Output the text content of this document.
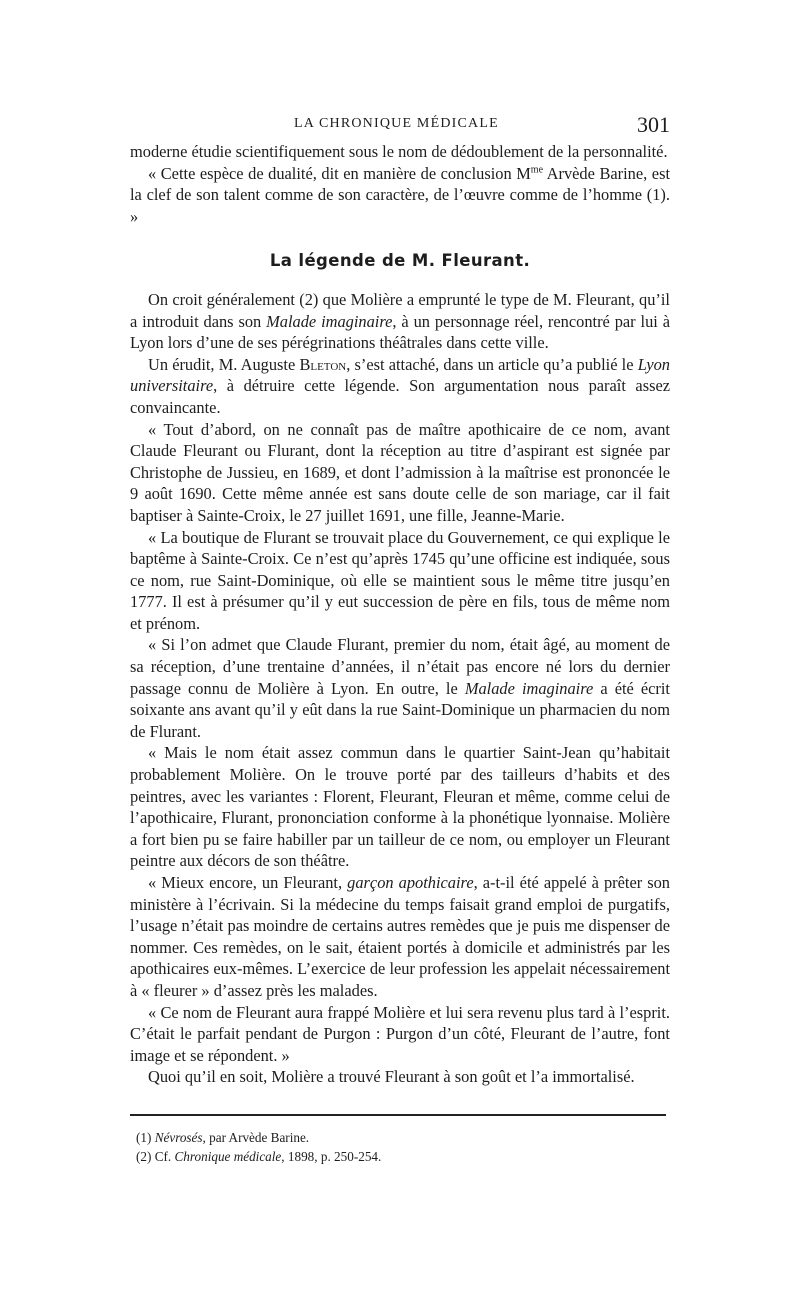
LA CHRONIQUE MÉDICALE	301

moderne étudie scientifiquement sous le nom de dédoublement de la personnalité.

« Cette espèce de dualité, dit en manière de conclusion $M^{me}$ Arvède Barine, est la clef de son talent comme de son caractère, de l’œuvre comme de l’homme (1). »

La légende de M. Fleurant.

On croit généralement (2) que Molière a emprunté le type de M. Fleurant, qu’il a introduit dans son Malade imaginaire, à un personnage réel, rencontré par lui à Lyon lors d’une de ses pérégrinations théâtrales dans cette ville.

Un érudit, M. Auguste Bleton, s’est attaché, dans un article qu’a publié le Lyon universitaire, à détruire cette légende. Son argumentation nous paraît assez convaincante.

« Tout d’abord, on ne connaît pas de maître apothicaire de ce nom, avant Claude Fleurant ou Flurant, dont la réception au titre d’aspirant est signée par Christophe de Jussieu, en 1689, et dont l’admission à la maîtrise est prononcée le 9 août 1690. Cette même année est sans doute celle de son mariage, car il fait baptiser à Sainte-Croix, le 27 juillet 1691, une fille, Jeanne-Marie.

« La boutique de Flurant se trouvait place du Gouvernement, ce qui explique le baptême à Sainte-Croix. Ce n’est qu’après 1745 qu’une officine est indiquée, sous ce nom, rue Saint-Dominique, où elle se maintient sous le même titre jusqu’en 1777. Il est à présumer qu’il y eut succession de père en fils, tous de même nom et prénom.

« Si l’on admet que Claude Flurant, premier du nom, était âgé, au moment de sa réception, d’une trentaine d’années, il n’était pas encore né lors du dernier passage connu de Molière à Lyon. En outre, le Malade imaginaire a été écrit soixante ans avant qu’il y eût dans la rue Saint-Dominique un pharmacien du nom de Flurant.

« Mais le nom était assez commun dans le quartier Saint-Jean qu’habitait probablement Molière. On le trouve porté par des tailleurs d’habits et des peintres, avec les variantes : Florent, Fleurant, Fleuran et même, comme celui de l’apothicaire, Flurant, prononciation conforme à la phonétique lyonnaise. Molière a fort bien pu se faire habiller par un tailleur de ce nom, ou employer un Fleurant peintre aux décors de son théâtre.

« Mieux encore, un Fleurant, garçon apothicaire, a-t-il été appelé à prêter son ministère à l’écrivain. Si la médecine du temps faisait grand emploi de purgatifs, l’usage n’était pas moindre de certains autres remèdes que je puis me dispenser de nommer. Ces remèdes, on le sait, étaient portés à domicile et administrés par les apothicaires eux-mêmes. L’exercice de leur profession les appelait nécessairement à « fleurer » d’assez près les malades.

« Ce nom de Fleurant aura frappé Molière et lui sera revenu plus tard à l’esprit. C’était le parfait pendant de Purgon : Purgon d’un côté, Fleurant de l’autre, font image et se répondent. »

Quoi qu’il en soit, Molière a trouvé Fleurant à son goût et l’a immortalisé.

(1) Névrosés, par Arvède Barine.
(2) Cf. Chronique médicale, 1898, p. 250-254.
